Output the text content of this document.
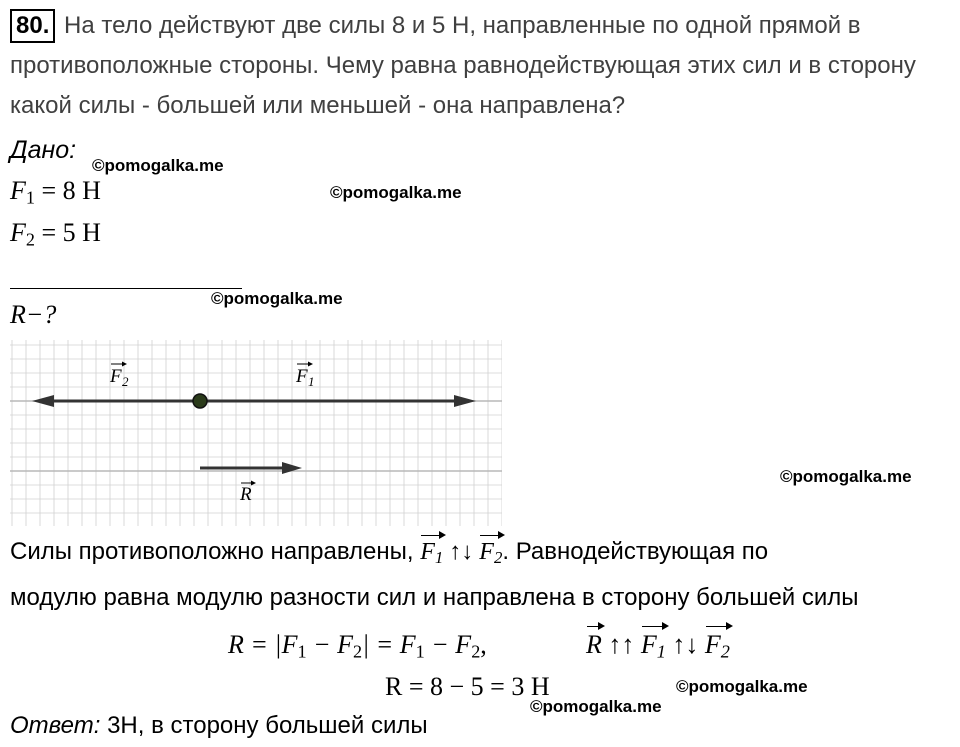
80. На тело действуют две силы 8 и 5 Н, направленные по одной прямой в противоположные стороны. Чему равна равнодействующая этих сил и в сторону какой силы - большей или меньшей - она направлена?
Дано:
$F_1 = 8$ Н
$F_2 = 5$ Н
R−?
©pomogalka.me
©pomogalka.me
©pomogalka.me
©pomogalka.me
©pomogalka.me
©pomogalka.me
F 2	F 1
R
Силы противоположно направлены, $F_1$ ↑↓ $F_2$. Равнодействующая по
модулю равна модулю разности сил и направлена в сторону большей силы
$R = |F_1 - F_2| = F_1 - F_2$,	R ↑↑ $F_1$ ↑↓ $F_2$
R = 8 − 5 = 3 Н
Ответ: 3Н, в сторону большей силы
